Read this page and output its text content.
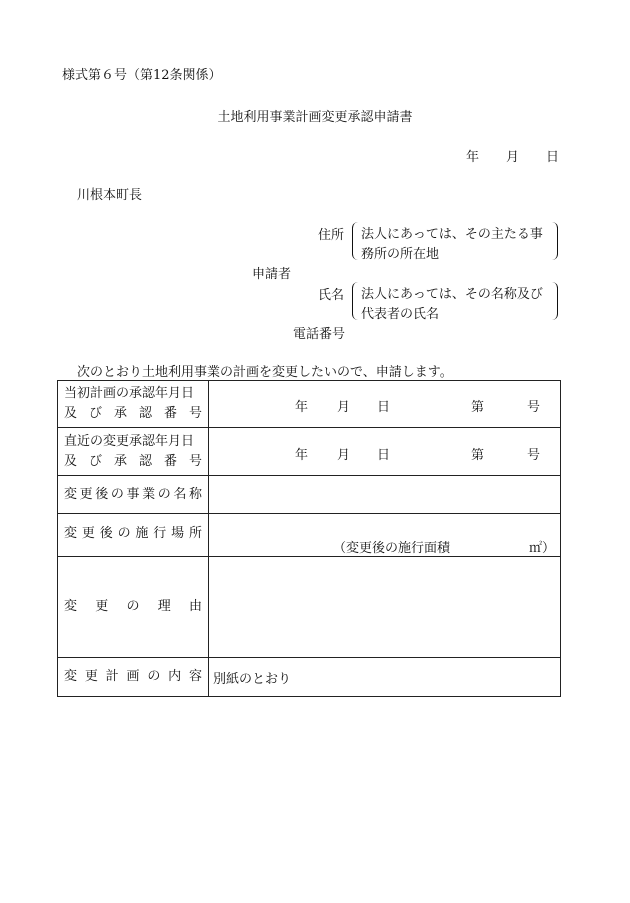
様式第６号（第12条関係）
土地利用事業計画変更承認申請書
年 月 日
川根本町長
住所 法人にあっては、その主たる事
務所の所在地
申請者
氏名 法人にあっては、その名称及び
代表者の氏名
電話番号
次のとおり土地利用事業の計画を変更したいので、申請します。
当初計画の承認年月日
及び承認番号	年 月 日 第 号

直近の変更承認年月日
及び承認番号	年 月 日 第 号

変更後の事業の名称	

変更後の施行場所	（変更後の施行面積 ㎡）

変更の理由	

変更計画の内容	別紙のとおり
